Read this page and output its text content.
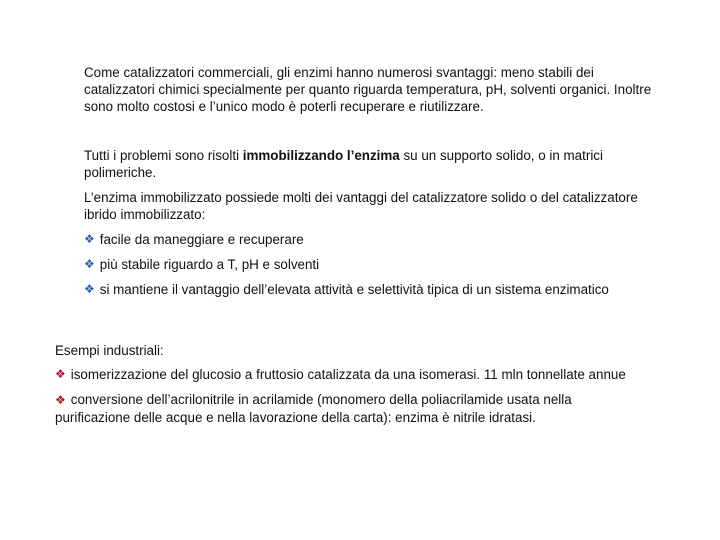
Come catalizzatori commerciali, gli enzimi hanno numerosi svantaggi: meno stabili dei catalizzatori chimici specialmente per quanto riguarda temperatura, pH, solventi organici. Inoltre sono molto costosi e l’unico modo è poterli recuperare e riutilizzare.

Tutti i problemi sono risolti immobilizzando l’enzima su un supporto solido, o in matrici polimeriche.

L’enzima immobilizzato possiede molti dei vantaggi del catalizzatore solido o del catalizzatore ibrido immobilizzato:

❖ facile da maneggiare e recuperare
❖ più stabile riguardo a T, pH e solventi
❖ si mantiene il vantaggio dell’elevata attività e selettività tipica di un sistema enzimatico

Esempi industriali:

❖ isomerizzazione del glucosio a fruttosio catalizzata da una isomerasi. 11 mln tonnellate annue
❖ conversione dell’acrilonitrile in acrilamide (monomero della poliacrilamide usata nella purificazione delle acque e nella lavorazione della carta): enzima è nitrile idratasi.
